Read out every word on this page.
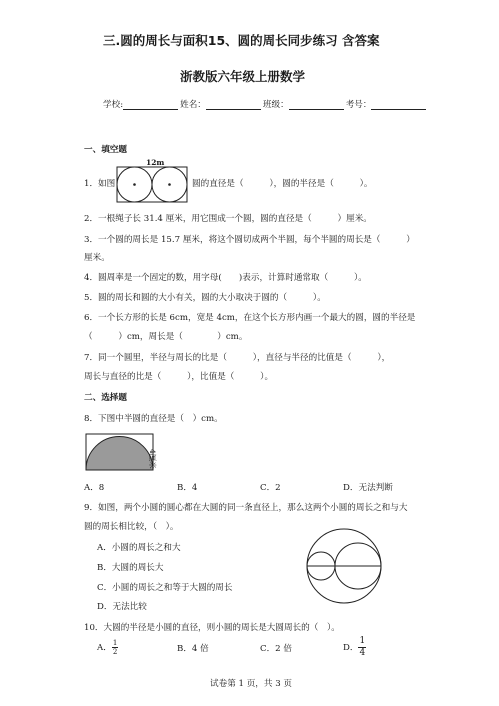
三.圆的周长与面积15、圆的周长同步练习 含答案
浙教版六年级上册数学
学校:	姓名：	班级：	考号：
一、填空题
1．如图
12m
圆的直径是（　　　），圆的半径是（　　　）。
2．一根绳子长 31.4 厘米，用它围成一个圆，圆的直径是（　　　）厘米。
3．一个圆的周长是 15.7 厘米，将这个圆切成两个半圆，每个半圆的周长是（　　　）
厘米。
4．圆周率是一个固定的数，用字母(　　)表示，计算时通常取（　　　）。
5．圆的周长和圆的大小有关，圆的大小取决于圆的（　　　）。
6．一个长方形的长是 6cm，宽是 4cm，在这个长方形内画一个最大的圆，圆的半径是
（　　　）cm，周长是（　　　　）cm。
7．同一个圆里，半径与周长的比是（　　　），直径与半径的比值是（　　　），
周长与直径的比是（　　　），比值是（　　　）。
二、选择题
8．下图中半圆的直径是（　）cm。
4厘米
A．8	B．4	C．2	D．无法判断
9．如图，两个小圆的圆心都在大圆的同一条直径上，那么这两个小圆的周长之和与大
圆的周长相比较，（　）。
A．小圆的周长之和大
B．大圆的周长大
C．小圆的周长之和等于大圆的周长
D．无法比较
10．大圆的半径是小圆的直径，则小圆的周长是大圆周长的（　）。
A． $\frac{1}{2}$	B．4 倍	C．2 倍	D． $\frac{1}{4}$
试卷第 1 页，共 3 页
